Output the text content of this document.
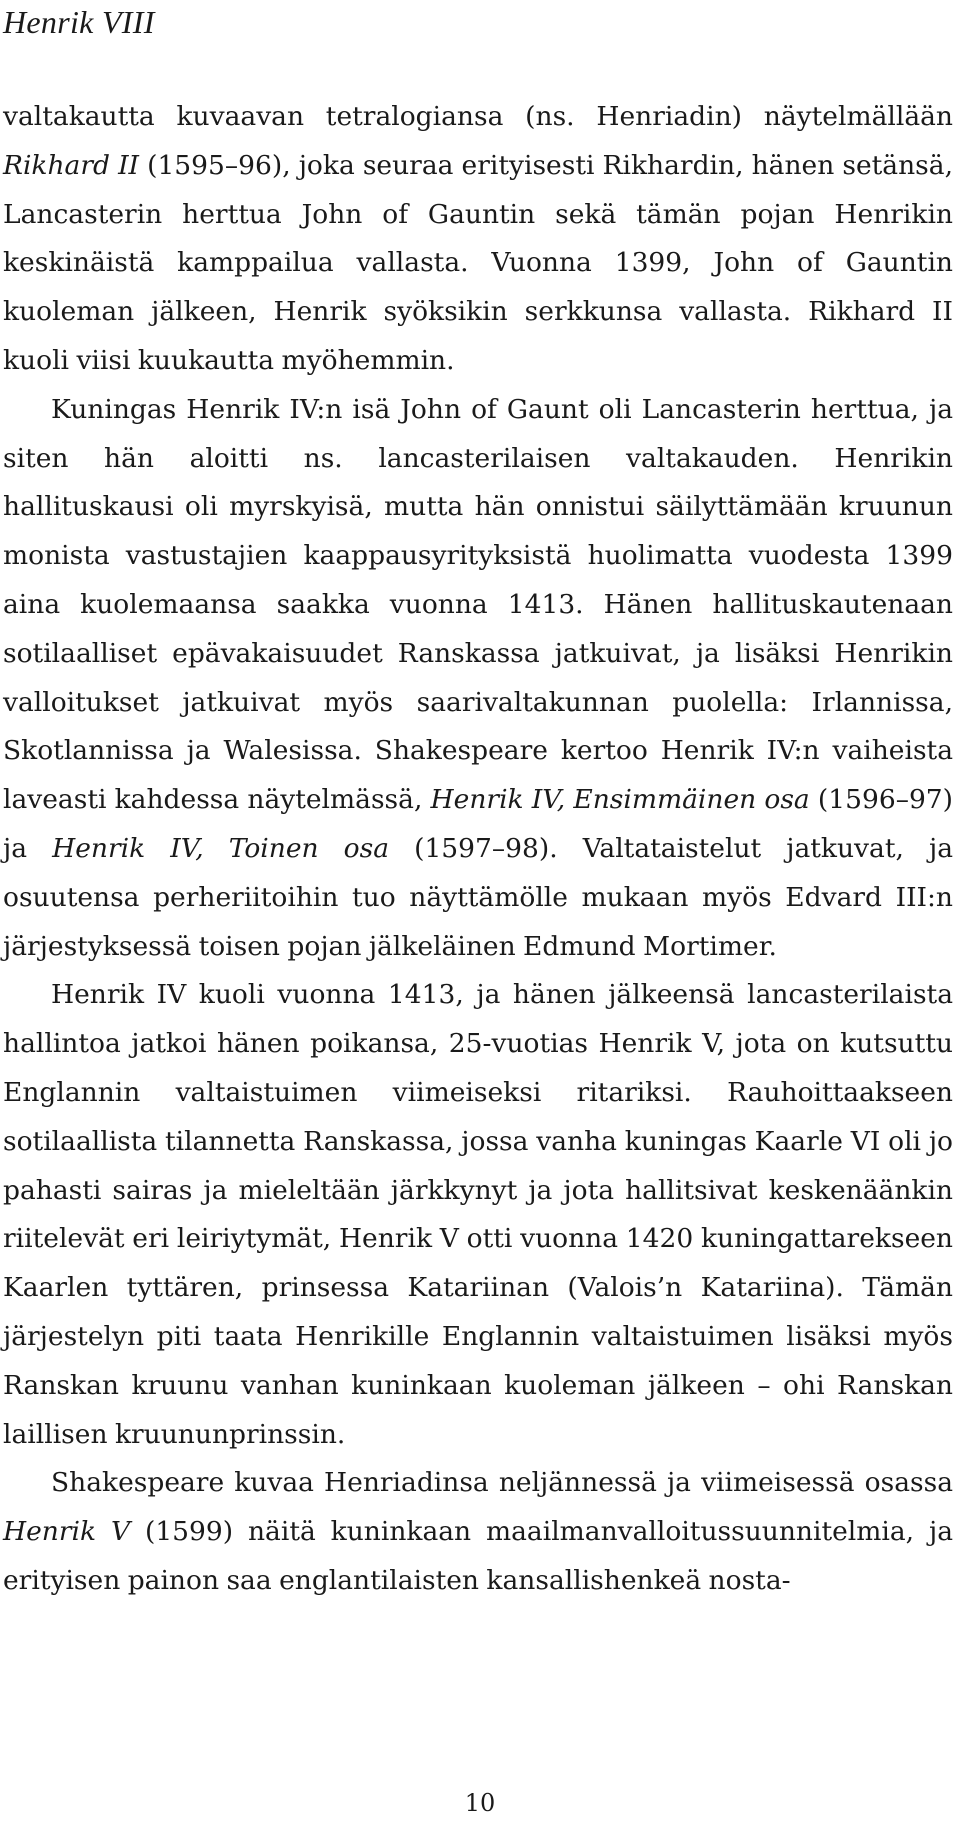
Henrik VIII

valtakautta kuvaavan tetralogiansa (ns. Henriadin) näytelmällään Rikhard II (1595–96), joka seuraa erityisesti Rikhardin, hänen setänsä, Lancasterin herttua John of Gauntin sekä tämän pojan Henrikin keskinäistä kamppailua vallasta. Vuonna 1399, John of Gauntin kuoleman jälkeen, Henrik syöksikin serkkunsa vallasta. Rikhard II kuoli viisi kuukautta myöhemmin.

Kuningas Henrik IV:n isä John of Gaunt oli Lancasterin herttua, ja siten hän aloitti ns. lancasterilaisen valtakauden. Henrikin hallituskausi oli myrskyisä, mutta hän onnistui säilyttämään kruunun monista vastustajien kaappausyrityksistä huolimatta vuodesta 1399 aina kuolemaansa saakka vuonna 1413. Hänen hallituskautenaan sotilaalliset epävakaisuudet Ranskassa jatkuivat, ja lisäksi Henrikin valloitukset jatkuivat myös saarivaltakunnan puolella: Irlannissa, Skotlannissa ja Walesissa. Shakespeare kertoo Henrik IV:n vaiheista laveasti kahdessa näytelmässä, Henrik IV, Ensimmäinen osa (1596–97) ja Henrik IV, Toinen osa (1597–98). Valtataistelut jatkuvat, ja osuutensa perheriitoihin tuo näyttämölle mukaan myös Edvard III:n järjestyksessä toisen pojan jälkeläinen Edmund Mortimer.

Henrik IV kuoli vuonna 1413, ja hänen jälkeensä lancasterilaista hallintoa jatkoi hänen poikansa, 25-vuotias Henrik V, jota on kutsuttu Englannin valtaistuimen viimeiseksi ritariksi. Rauhoittaakseen sotilaallista tilannetta Ranskassa, jossa vanha kuningas Kaarle VI oli jo pahasti sairas ja mieleltään järkkynyt ja jota hallitsivat keskenäänkin riitelevät eri leiriytymät, Henrik V otti vuonna 1420 kuningattarekseen Kaarlen tyttären, prinsessa Katariinan (Valois’n Katariina). Tämän järjestelyn piti taata Henrikille Englannin valtaistuimen lisäksi myös Ranskan kruunu vanhan kuninkaan kuoleman jälkeen – ohi Ranskan laillisen kruununprinssin.

Shakespeare kuvaa Henriadinsa neljännessä ja viimeisessä osassa Henrik V (1599) näitä kuninkaan maailmanvalloitussuunnitelmia, ja erityisen painon saa englantilaisten kansallishenkeä nosta-

10
